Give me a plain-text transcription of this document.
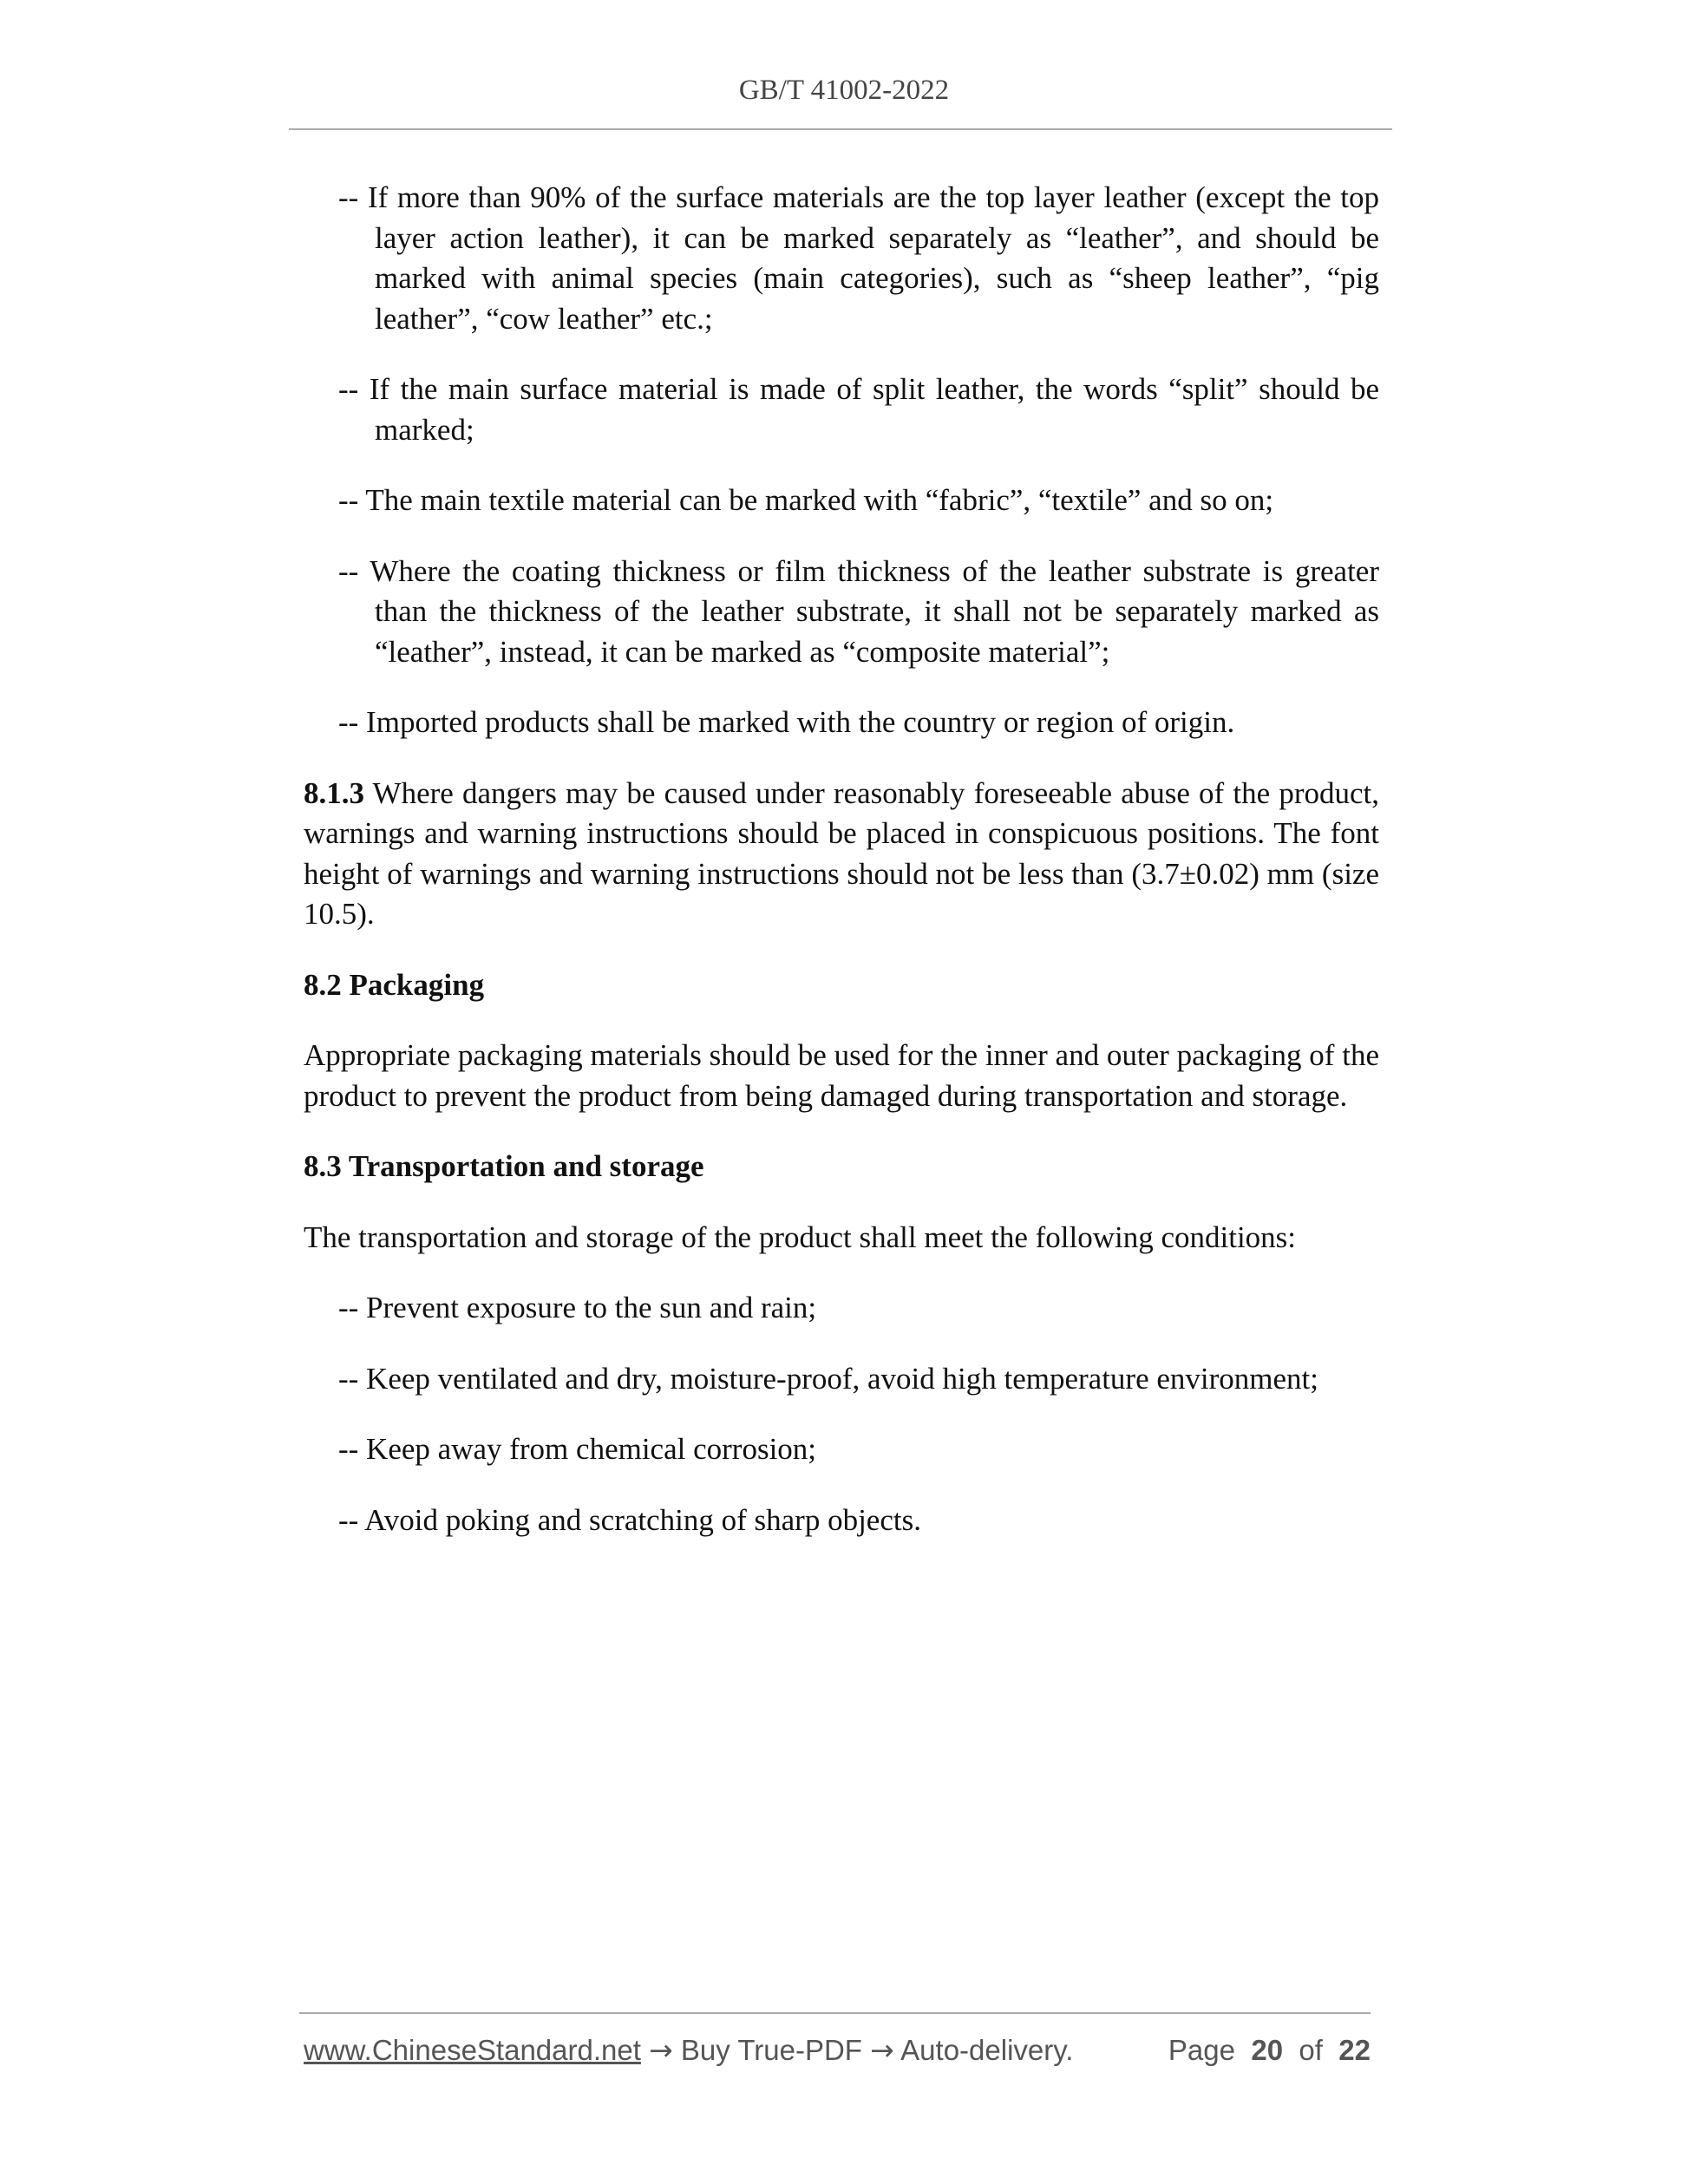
GB/T 41002-2022
-- If more than 90% of the surface materials are the top layer leather (except the top layer action leather), it can be marked separately as “leather”, and should be marked with animal species (main categories), such as “sheep leather”, “pig leather”, “cow leather” etc.;
-- If the main surface material is made of split leather, the words “split” should be marked;
-- The main textile material can be marked with “fabric”, “textile” and so on;
-- Where the coating thickness or film thickness of the leather substrate is greater than the thickness of the leather substrate, it shall not be separately marked as “leather”, instead, it can be marked as “composite material”;
-- Imported products shall be marked with the country or region of origin.
8.1.3 Where dangers may be caused under reasonably foreseeable abuse of the product, warnings and warning instructions should be placed in conspicuous positions. The font height of warnings and warning instructions should not be less than (3.7±0.02) mm (size 10.5).
8.2 Packaging
Appropriate packaging materials should be used for the inner and outer packaging of the product to prevent the product from being damaged during transportation and storage.
8.3 Transportation and storage
The transportation and storage of the product shall meet the following conditions:
-- Prevent exposure to the sun and rain;
-- Keep ventilated and dry, moisture-proof, avoid high temperature environment;
-- Keep away from chemical corrosion;
-- Avoid poking and scratching of sharp objects.
www.ChineseStandard.net → Buy True-PDF → Auto-delivery.	Page 20 of 22
